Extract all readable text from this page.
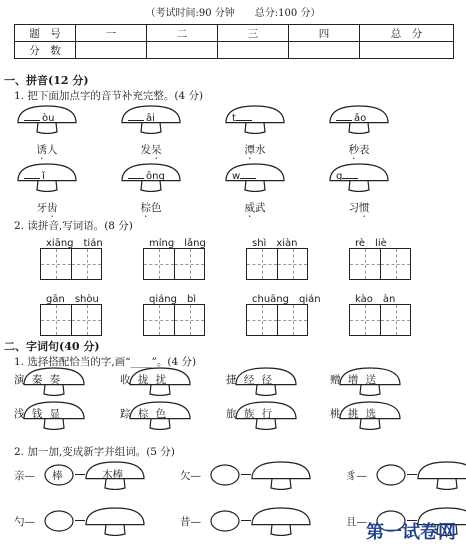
（考试时间:90 分钟　　总分:100 分）
题　号	一	二	三	四	总　分
分　数					
一、拼音(12 分)
1. 把下面加点字的音节补充完整。(4 分)
òu
诱人
āi
发呆
t
潭水
ǎo
秒表
ǐ
牙齿
ōng
棕色
w
威武
g
习惯
2. 读拼音,写词语。(8 分)
xiāng　tián	míng　lǎng	shì　xiàn	rè　liè
gān　shòu	qiáng　bì	chuāng　qián	kào　àn
二、字词句(40 分)
1. 选择搭配恰当的字,画“____”。(4 分)
演 秦 奏	收 拢 扰	捷 经 径	赠 增 送
浅 钱 显	踪 棕 色	旅 族 行	桃 挑 选
2. 加一加,变成新字并组词。(5 分)
亲— 棒	木棒	欠—	豸—
勺—	昔—	且— 第一试卷网
